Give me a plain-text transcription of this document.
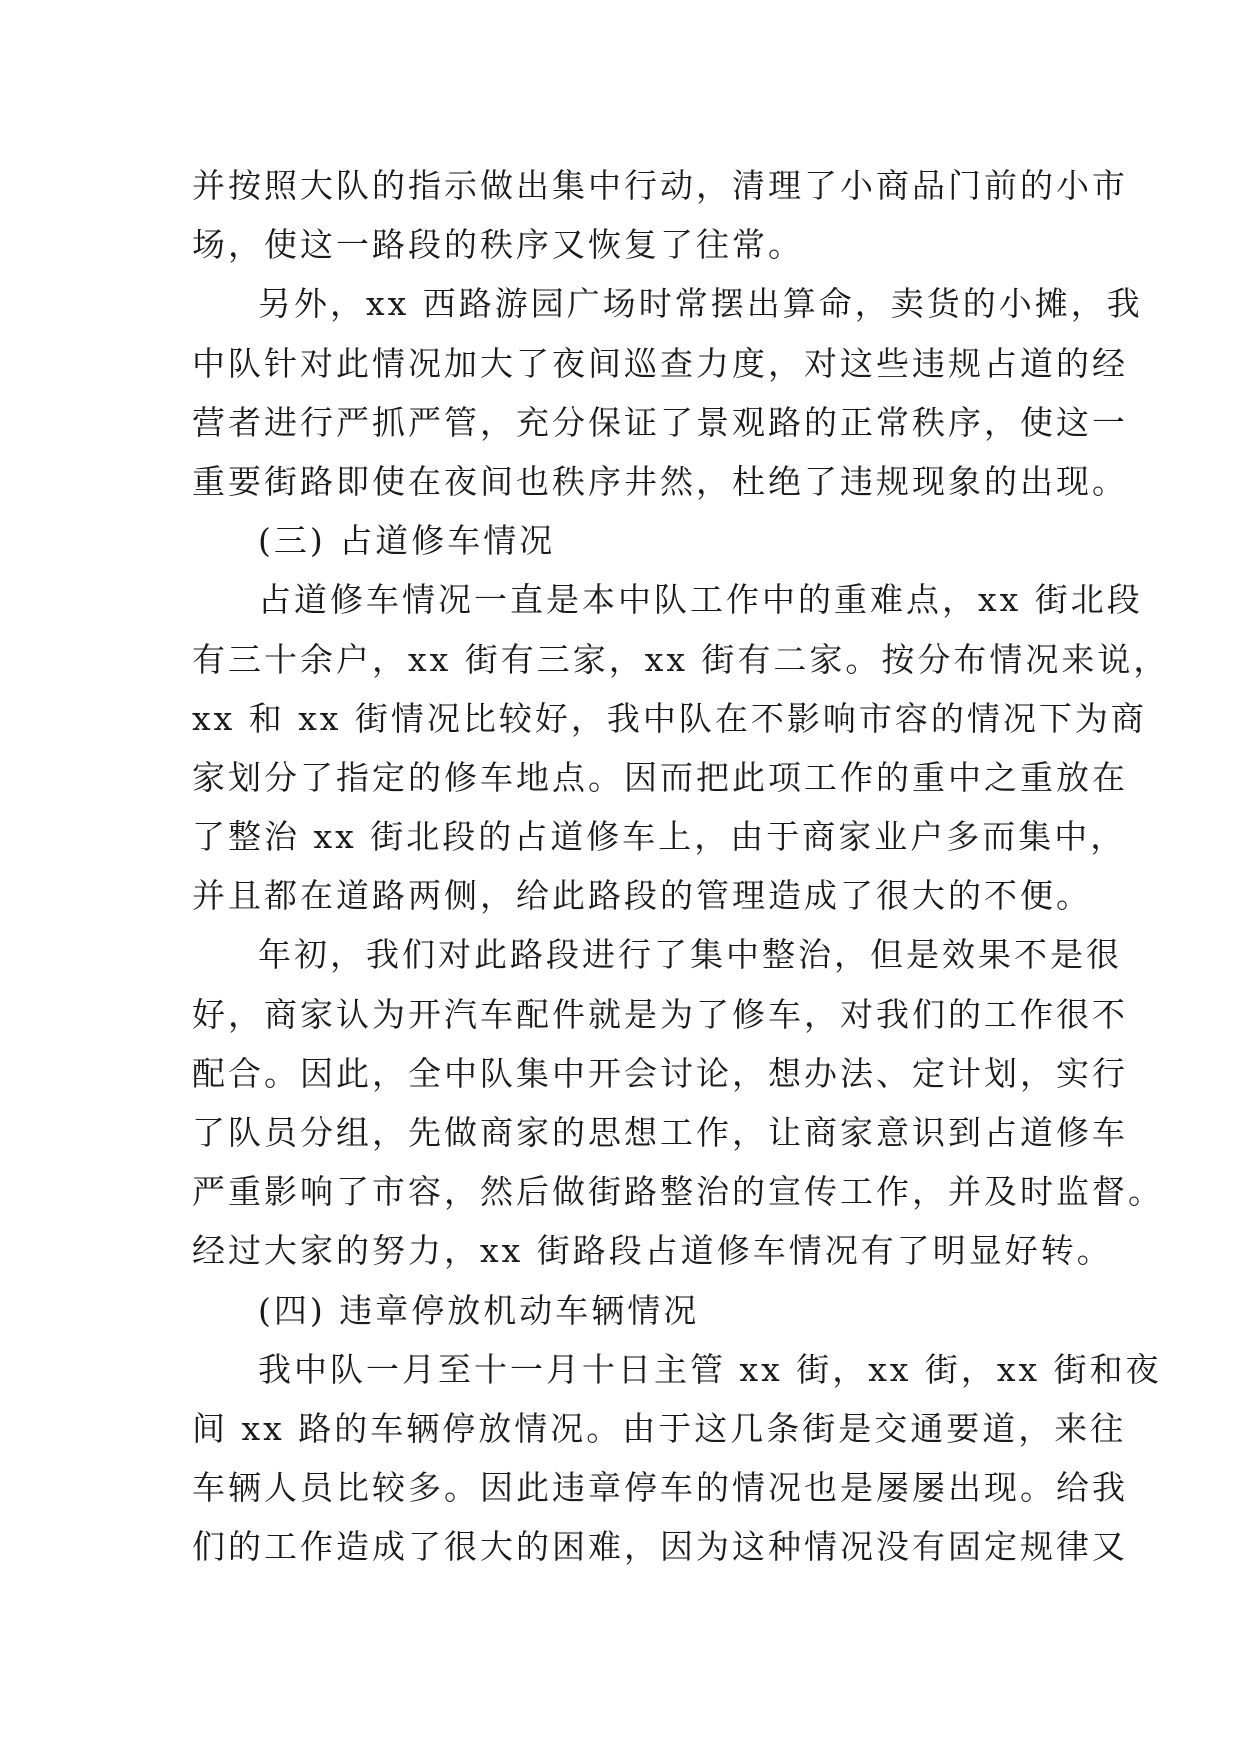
并按照大队的指示做出集中行动，清理了小商品门前的小市
场，使这一路段的秩序又恢复了往常。
另外，xx 西路游园广场时常摆出算命，卖货的小摊，我
中队针对此情况加大了夜间巡查力度，对这些违规占道的经
营者进行严抓严管，充分保证了景观路的正常秩序，使这一
重要街路即使在夜间也秩序井然，杜绝了违规现象的出现。
(三) 占道修车情况
占道修车情况一直是本中队工作中的重难点，xx 街北段
有三十余户，xx 街有三家，xx 街有二家。按分布情况来说，
xx 和 xx 街情况比较好，我中队在不影响市容的情况下为商
家划分了指定的修车地点。因而把此项工作的重中之重放在
了整治 xx 街北段的占道修车上，由于商家业户多而集中，
并且都在道路两侧，给此路段的管理造成了很大的不便。
年初，我们对此路段进行了集中整治，但是效果不是很
好，商家认为开汽车配件就是为了修车，对我们的工作很不
配合。因此，全中队集中开会讨论，想办法、定计划，实行
了队员分组，先做商家的思想工作，让商家意识到占道修车
严重影响了市容，然后做街路整治的宣传工作，并及时监督。
经过大家的努力，xx 街路段占道修车情况有了明显好转。
(四) 违章停放机动车辆情况
我中队一月至十一月十日主管 xx 街，xx 街，xx 街和夜
间 xx 路的车辆停放情况。由于这几条街是交通要道，来往
车辆人员比较多。因此违章停车的情况也是屡屡出现。给我
们的工作造成了很大的困难，因为这种情况没有固定规律又
